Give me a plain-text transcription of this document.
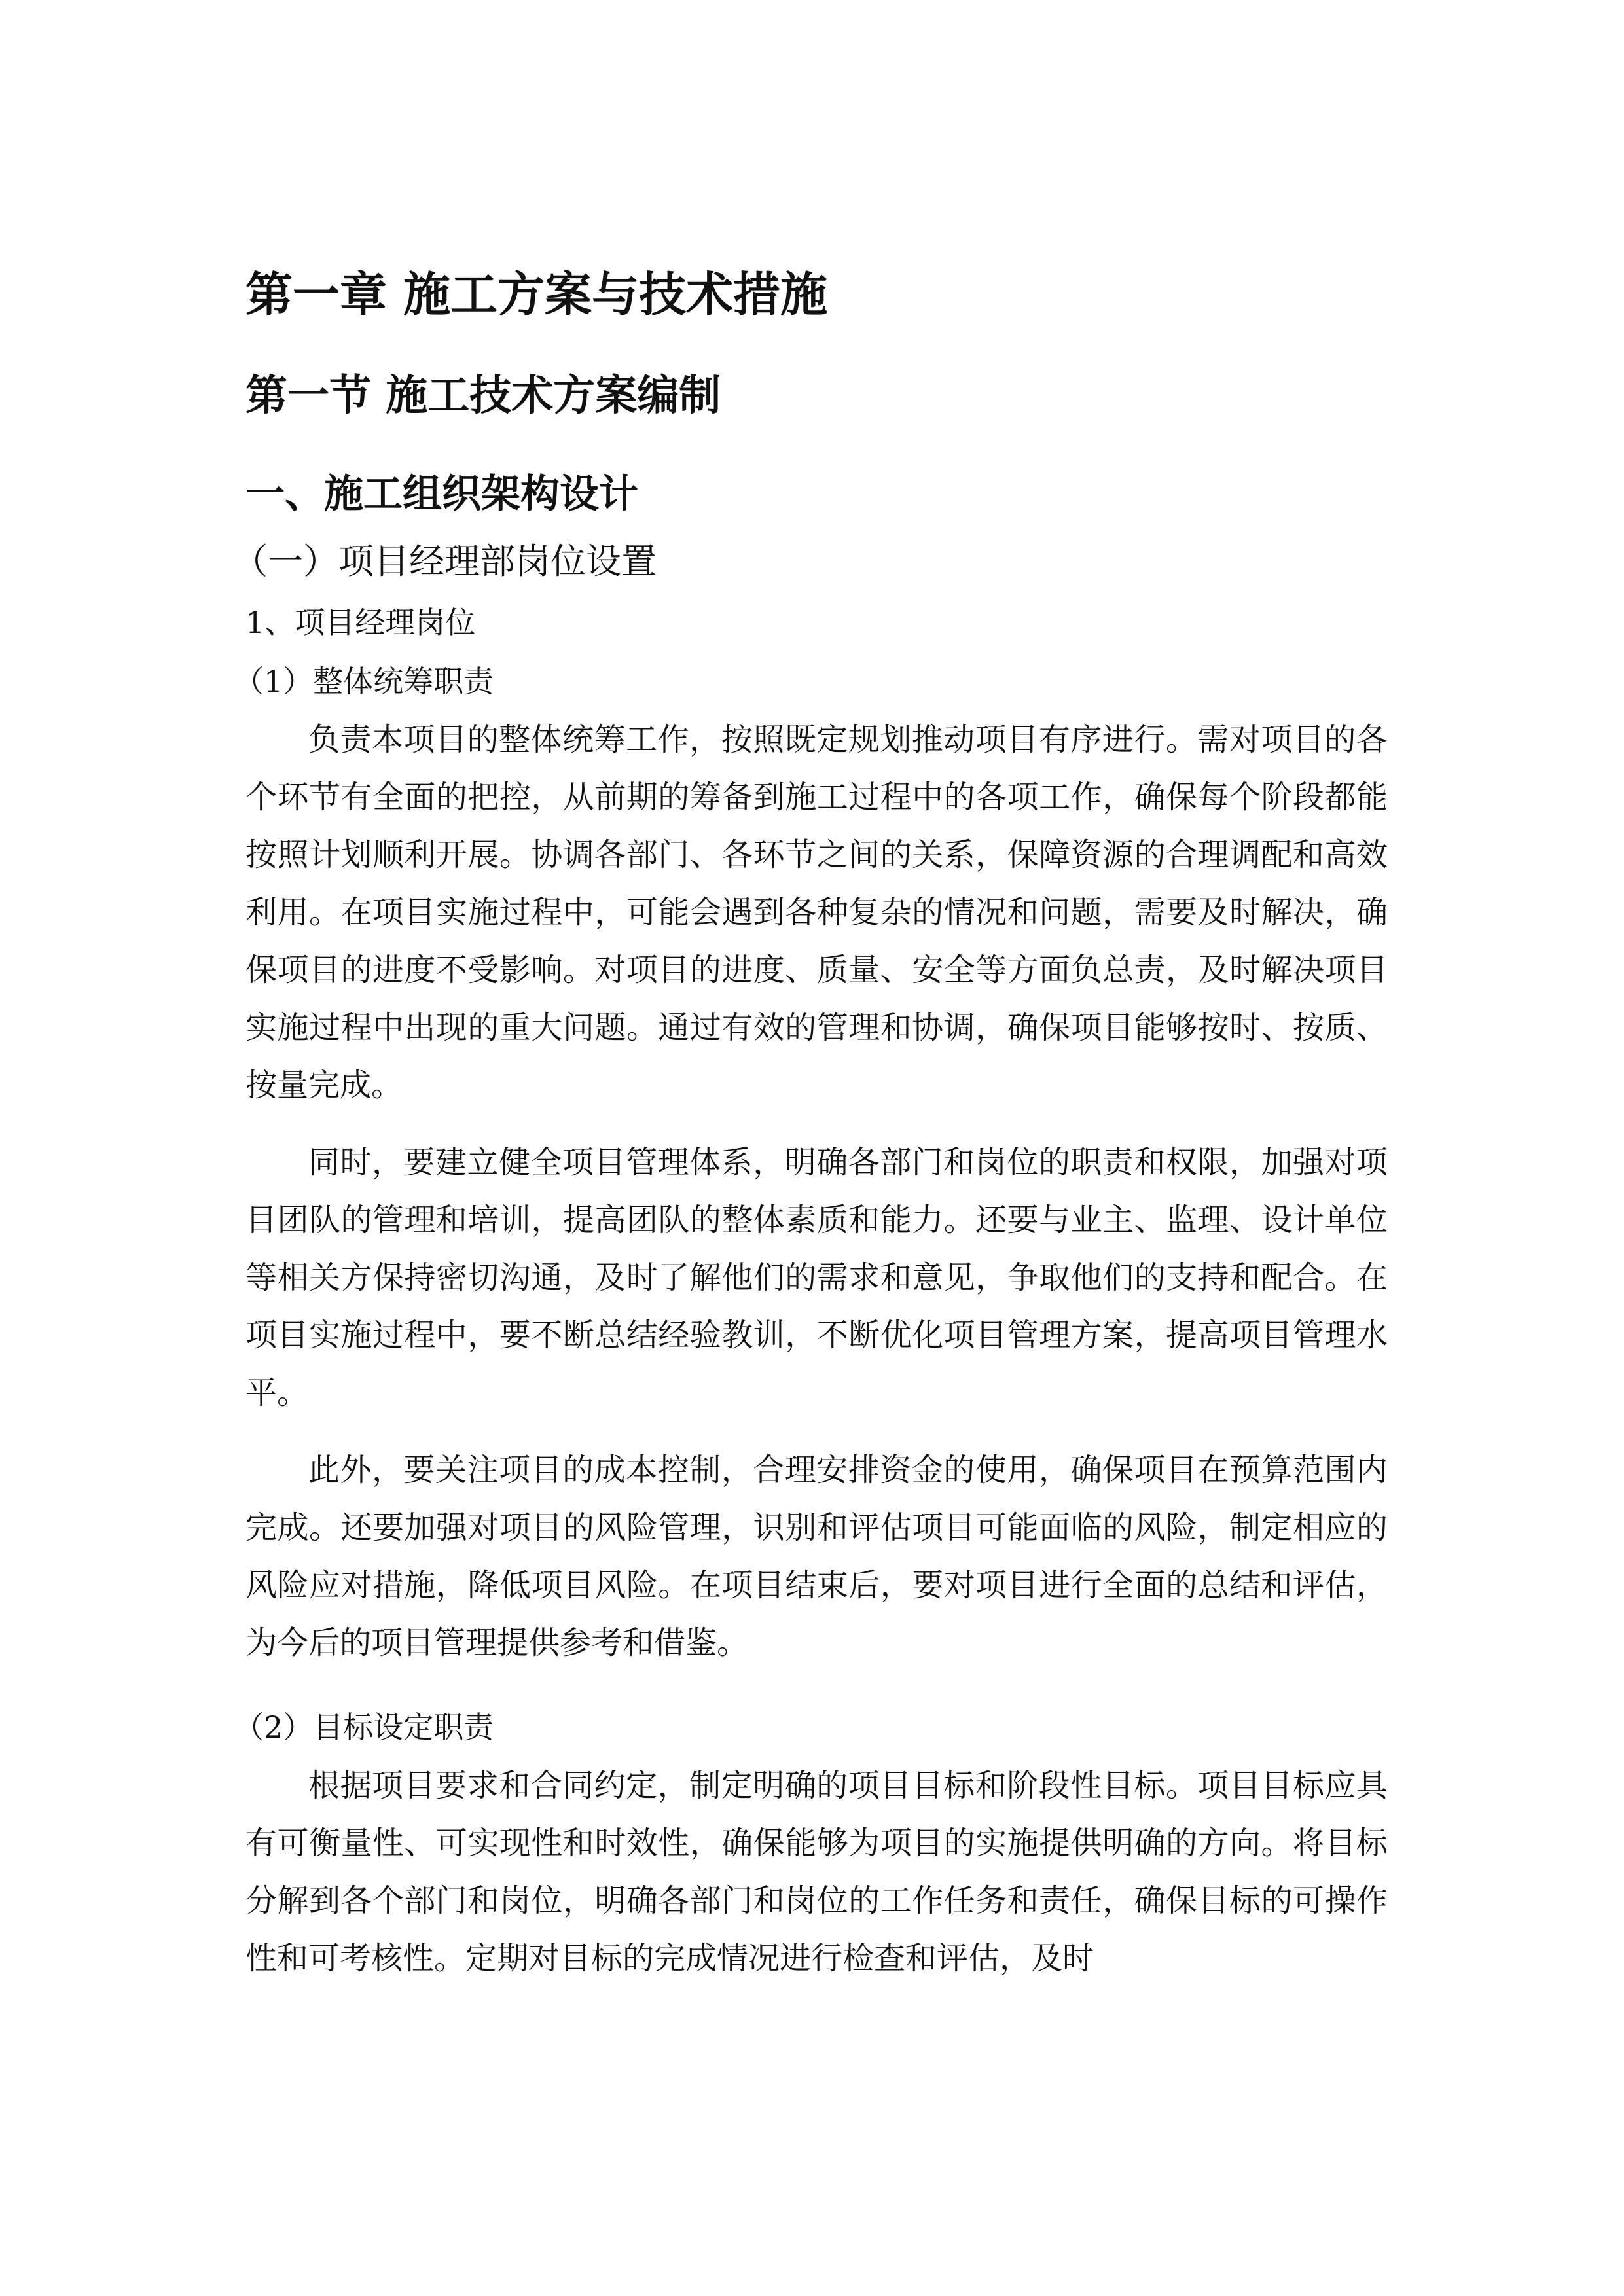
第一章 施工方案与技术措施
第一节 施工技术方案编制
一、施工组织架构设计
（一）项目经理部岗位设置
1、项目经理岗位
（1）整体统筹职责

负责本项目的整体统筹工作，按照既定规划推动项目有序进行。需对项目的各个环节有全面的把控，从前期的筹备到施工过程中的各项工作，确保每个阶段都能按照计划顺利开展。协调各部门、各环节之间的关系，保障资源的合理调配和高效利用。在项目实施过程中，可能会遇到各种复杂的情况和问题，需要及时解决，确保项目的进度不受影响。对项目的进度、质量、安全等方面负总责，及时解决项目实施过程中出现的重大问题。通过有效的管理和协调，确保项目能够按时、按质、按量完成。

同时，要建立健全项目管理体系，明确各部门和岗位的职责和权限，加强对项目团队的管理和培训，提高团队的整体素质和能力。还要与业主、监理、设计单位等相关方保持密切沟通，及时了解他们的需求和意见，争取他们的支持和配合。在项目实施过程中，要不断总结经验教训，不断优化项目管理方案，提高项目管理水平。

此外，要关注项目的成本控制，合理安排资金的使用，确保项目在预算范围内完成。还要加强对项目的风险管理，识别和评估项目可能面临的风险，制定相应的风险应对措施，降低项目风险。在项目结束后，要对项目进行全面的总结和评估，为今后的项目管理提供参考和借鉴。

（2）目标设定职责

根据项目要求和合同约定，制定明确的项目目标和阶段性目标。项目目标应具有可衡量性、可实现性和时效性，确保能够为项目的实施提供明确的方向。将目标分解到各个部门和岗位，明确各部门和岗位的工作任务和责任，确保目标的可操作性和可考核性。定期对目标的完成情况进行检查和评估，及时
